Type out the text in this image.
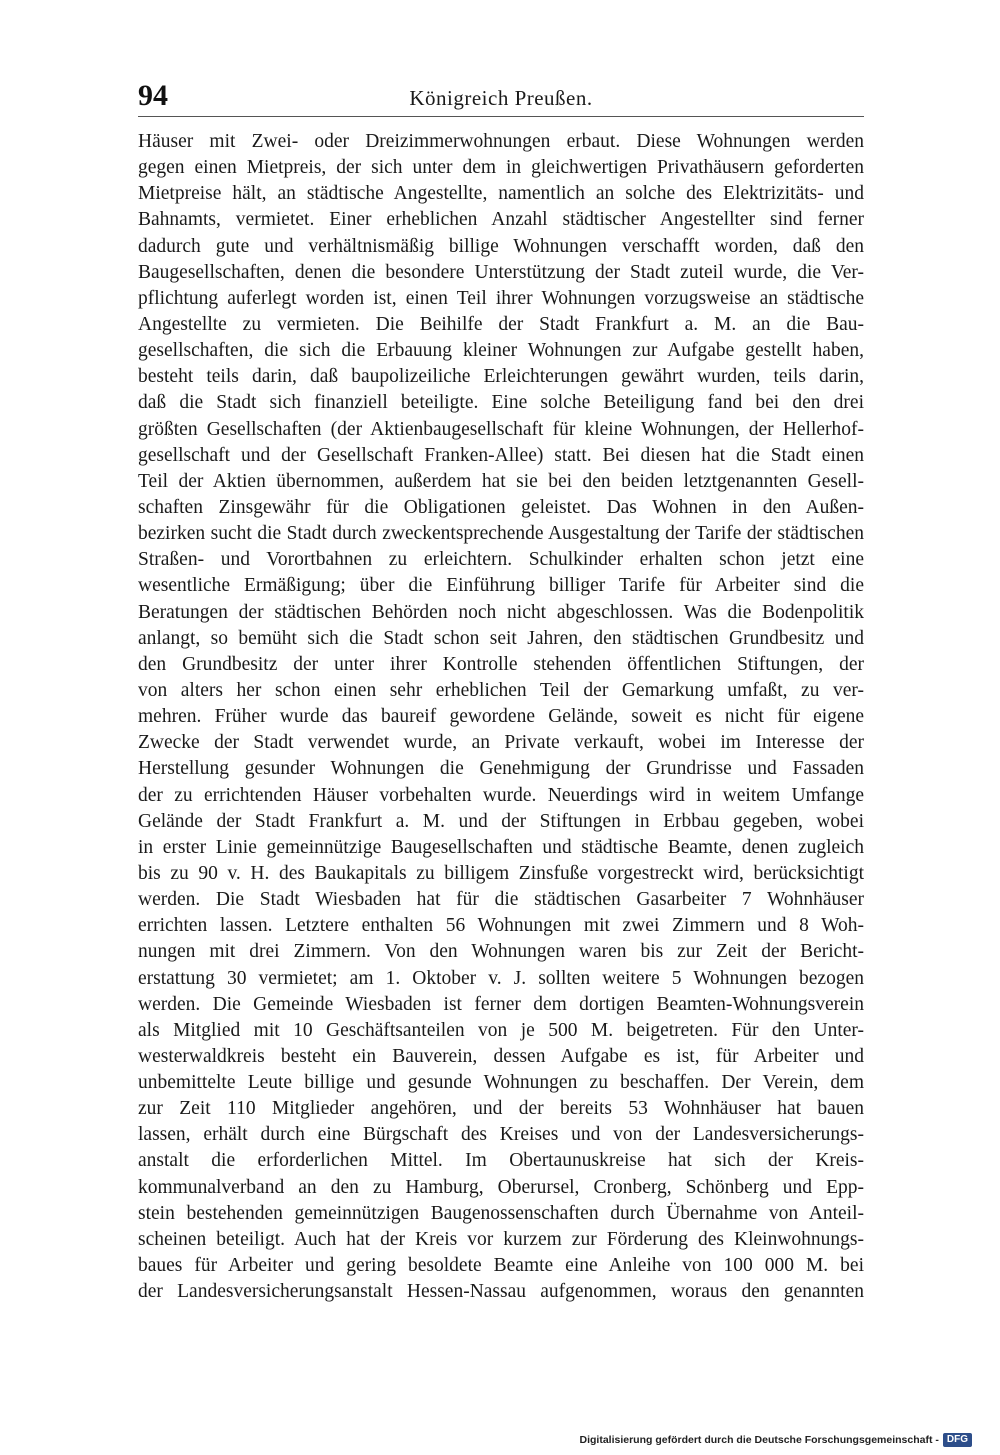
94	Königreich Preußen.
Häuser mit Zwei- oder Dreizimmerwohnungen erbaut. Diese Wohnungen werden
gegen einen Mietpreis, der sich unter dem in gleichwertigen Privathäusern geforderten
Mietpreise hält, an städtische Angestellte, namentlich an solche des Elektrizitäts- und
Bahnamts, vermietet. Einer erheblichen Anzahl städtischer Angestellter sind ferner
dadurch gute und verhältnismäßig billige Wohnungen verschafft worden, daß den
Baugesellschaften, denen die besondere Unterstützung der Stadt zuteil wurde, die Ver-
pflichtung auferlegt worden ist, einen Teil ihrer Wohnungen vorzugsweise an städtische
Angestellte zu vermieten. Die Beihilfe der Stadt Frankfurt a. M. an die Bau-
gesellschaften, die sich die Erbauung kleiner Wohnungen zur Aufgabe gestellt haben,
besteht teils darin, daß baupolizeiliche Erleichterungen gewährt wurden, teils darin,
daß die Stadt sich finanziell beteiligte. Eine solche Beteiligung fand bei den drei
größten Gesellschaften (der Aktienbaugesellschaft für kleine Wohnungen, der Hellerhof-
gesellschaft und der Gesellschaft Franken-Allee) statt. Bei diesen hat die Stadt einen
Teil der Aktien übernommen, außerdem hat sie bei den beiden letztgenannten Gesell-
schaften Zinsgewähr für die Obligationen geleistet. Das Wohnen in den Außen-
bezirken sucht die Stadt durch zweckentsprechende Ausgestaltung der Tarife der städtischen
Straßen- und Vorortbahnen zu erleichtern. Schulkinder erhalten schon jetzt eine
wesentliche Ermäßigung; über die Einführung billiger Tarife für Arbeiter sind die
Beratungen der städtischen Behörden noch nicht abgeschlossen. Was die Bodenpolitik
anlangt, so bemüht sich die Stadt schon seit Jahren, den städtischen Grundbesitz und
den Grundbesitz der unter ihrer Kontrolle stehenden öffentlichen Stiftungen, der
von alters her schon einen sehr erheblichen Teil der Gemarkung umfaßt, zu ver-
mehren. Früher wurde das baureif gewordene Gelände, soweit es nicht für eigene
Zwecke der Stadt verwendet wurde, an Private verkauft, wobei im Interesse der
Herstellung gesunder Wohnungen die Genehmigung der Grundrisse und Fassaden
der zu errichtenden Häuser vorbehalten wurde. Neuerdings wird in weitem Umfange
Gelände der Stadt Frankfurt a. M. und der Stiftungen in Erbbau gegeben, wobei
in erster Linie gemeinnützige Baugesellschaften und städtische Beamte, denen zugleich
bis zu 90 v. H. des Baukapitals zu billigem Zinsfuße vorgestreckt wird, berücksichtigt
werden. Die Stadt Wiesbaden hat für die städtischen Gasarbeiter 7 Wohnhäuser
errichten lassen. Letztere enthalten 56 Wohnungen mit zwei Zimmern und 8 Woh-
nungen mit drei Zimmern. Von den Wohnungen waren bis zur Zeit der Bericht-
erstattung 30 vermietet; am 1. Oktober v. J. sollten weitere 5 Wohnungen bezogen
werden. Die Gemeinde Wiesbaden ist ferner dem dortigen Beamten-Wohnungsverein
als Mitglied mit 10 Geschäftsanteilen von je 500 M. beigetreten. Für den Unter-
westerwaldkreis besteht ein Bauverein, dessen Aufgabe es ist, für Arbeiter und
unbemittelte Leute billige und gesunde Wohnungen zu beschaffen. Der Verein, dem
zur Zeit 110 Mitglieder angehören, und der bereits 53 Wohnhäuser hat bauen
lassen, erhält durch eine Bürgschaft des Kreises und von der Landesversicherungs-
anstalt die erforderlichen Mittel. Im Obertaunuskreise hat sich der Kreis-
kommunalverband an den zu Hamburg, Oberursel, Cronberg, Schönberg und Epp-
stein bestehenden gemeinnützigen Baugenossenschaften durch Übernahme von Anteil-
scheinen beteiligt. Auch hat der Kreis vor kurzem zur Förderung des Kleinwohnungs-
baues für Arbeiter und gering besoldete Beamte eine Anleihe von 100 000 M. bei
der Landesversicherungsanstalt Hessen-Nassau aufgenommen, woraus den genannten
Digitalisierung gefördert durch die Deutsche Forschungsgemeinschaft - DFG
